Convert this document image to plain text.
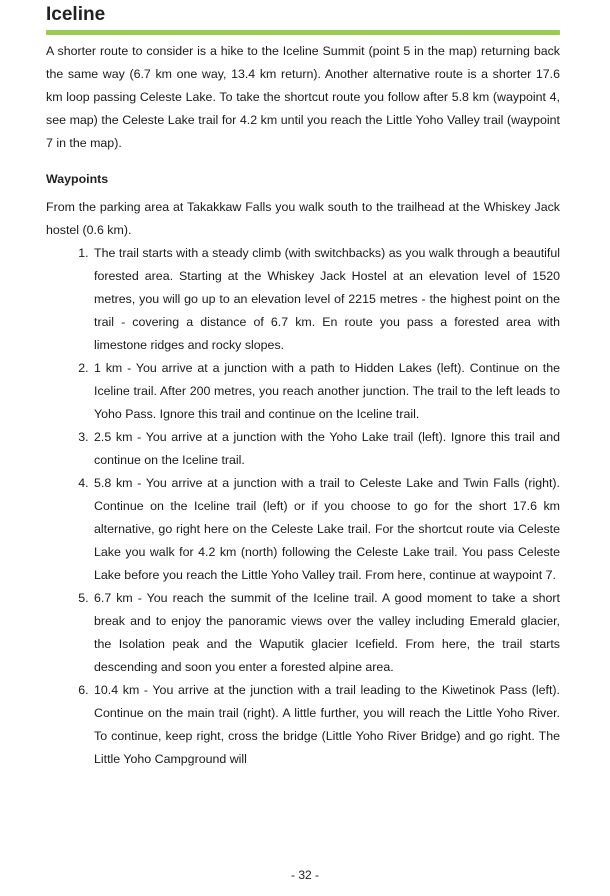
Iceline

A shorter route to consider is a hike to the Iceline Summit (point 5 in the map) returning back the same way (6.7 km one way, 13.4 km return). Another alternative route is a shorter 17.6 km loop passing Celeste Lake. To take the shortcut route you follow after 5.8 km (waypoint 4, see map) the Celeste Lake trail for 4.2 km until you reach the Little Yoho Valley trail (waypoint 7 in the map).

Waypoints

From the parking area at Takakkaw Falls you walk south to the trailhead at the Whiskey Jack hostel (0.6 km).

1. The trail starts with a steady climb (with switchbacks) as you walk through a beautiful forested area. Starting at the Whiskey Jack Hostel at an elevation level of 1520 metres, you will go up to an elevation level of 2215 metres - the highest point on the trail - covering a distance of 6.7 km. En route you pass a forested area with limestone ridges and rocky slopes.
2. 1 km - You arrive at a junction with a path to Hidden Lakes (left). Continue on the Iceline trail. After 200 metres, you reach another junction. The trail to the left leads to Yoho Pass. Ignore this trail and continue on the Iceline trail.
3. 2.5 km - You arrive at a junction with the Yoho Lake trail (left). Ignore this trail and continue on the Iceline trail.
4. 5.8 km - You arrive at a junction with a trail to Celeste Lake and Twin Falls (right). Continue on the Iceline trail (left) or if you choose to go for the short 17.6 km alternative, go right here on the Celeste Lake trail. For the shortcut route via Celeste Lake you walk for 4.2 km (north) following the Celeste Lake trail. You pass Celeste Lake before you reach the Little Yoho Valley trail. From here, continue at waypoint 7.
5. 6.7 km - You reach the summit of the Iceline trail. A good moment to take a short break and to enjoy the panoramic views over the valley including Emerald glacier, the Isolation peak and the Waputik glacier Icefield. From here, the trail starts descending and soon you enter a forested alpine area.
6. 10.4 km - You arrive at the junction with a trail leading to the Kiwetinok Pass (left). Continue on the main trail (right). A little further, you will reach the Little Yoho River. To continue, keep right, cross the bridge (Little Yoho River Bridge) and go right. The Little Yoho Campground will
- 32 -
